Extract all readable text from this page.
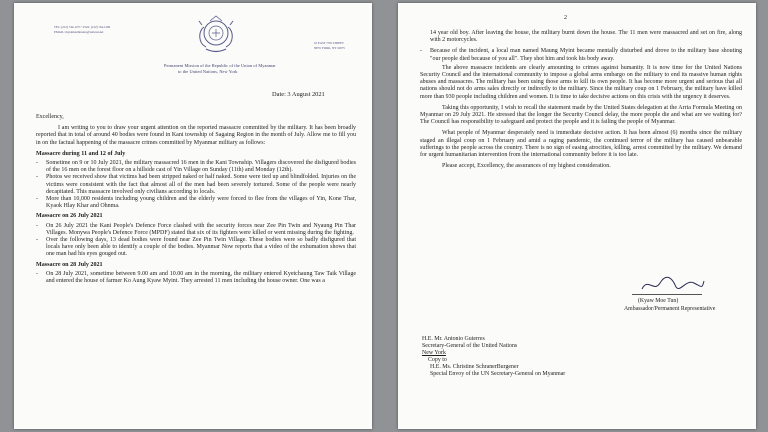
TEL: (212) 744-1271 • FAX: (212) 744-1290
EMAIL: myanmarmission@verizon.net
10 EAST 77th STREET
NEW YORK, NY 10075
Permanent Mission of the Republic of the Union of Myanmar
to the United Nations, New York
Date: 3 August 2021

Excellency,

I am writing to you to draw your urgent attention on the reported massacre committed by the military. It has been broadly reported that in total of around 40 bodies were found in Kani township of Sagaing Region in the month of July. Allow me to fill you in on the factual happening of the massacre crimes committed by Myanmar military as follows:

Massacre during 11 and 12 of July
- Sometime on 9 or 10 July 2021, the military massacred 16 men in the Kani Township. Villagers discovered the disfigured bodies of the 16 men on the forest floor on a hillside cast of Yin Village on Sunday (11th) and Monday (12th).
- Photos we received show that victims had been stripped naked or half naked. Some were tied up and blindfolded. Injuries on the victims were consistent with the fact that almost all of the men had been severely tortured. Some of the people were nearly decapitated. This massacre involved only civilians according to locals.
- More than 10,000 residents including young children and the elderly were forced to flee from the villages of Yin, Kone Thar, Kyaok Hlay Khar and Ohnma.
Massacre on 26 July 2021
- On 26 July 2021 the Kani People's Defence Force clashed with the security forces near Zee Pin Twin and Nyaung Pin Thar Villages. Monywa People's Defence Force (MPDF) stated that six of its fighters were killed or went missing during the fighting.
- Over the following days, 13 dead bodies were found near Zee Pin Twin Village. These bodies were so badly disfigured that locals have only been able to identify a couple of the bodies. Myanmar Now reports that a video of the exhumation shows that one man had his eyes gouged out.
Massacre on 28 July 2021
- On 28 July 2021, sometime between 9.00 am and 10.00 am in the morning, the military entered Kyetchaung Taw Taik Village and entered the house of farmer Ko Aung Kyaw Myint. They arrested 11 men including the house owner. One was a
2

14 year old boy. After leaving the house, the military burnt down the house. The 11 men were massacred and set on fire, along with 2 motorcycles.

- Because of the incident, a local man named Maung Myint became mentally disturbed and drove to the military base shouting "our people died because of you all". They shot him and took his body away.

The above massacre incidents are clearly amounting to crimes against humanity. It is now time for the United Nations Security Council and the international community to impose a global arms embargo on the military to end its massive human rights abuses and massacres. The military has been using those arms to kill its own people. It has become more urgent and serious that all nations should not do arms sales directly or indirectly to the military. Since the military coup on 1 February, the military have killed more than 930 people including children and women. It is time to take decisive actions on this crisis with the urgency it deserves.

Taking this opportunity, I wish to recall the statement made by the United States delegation at the Arria Formula Meeting on Myanmar on 29 July 2021. He stressed that the longer the Security Council delay, the more people die and what are we waiting for? The Council has responsibility to safeguard and protect the people and it is failing the people of Myanmar.

What people of Myanmar desperately need is immediate decisive action. It has been almost (6) months since the military staged an illegal coup on 1 February and amid a raging pandemic, the continued terror of the military has caused unbearable sufferings to the people across the country. There is no sign of easing atrocities, killing, arrest committed by the military. We demand for urgent humanitarian intervention from the international community before it is too late.

Please accept, Excellency, the assurances of my highest consideration.

(Kyaw Moe Tun)
Ambassador/Permanent Representative
H.E. Mr. Antonio Guterres
Secretary-General of the United Nations
New York
Copy to
H.E. Ms. Christine SchranerBurgener
Special Envoy of the UN Secretary-General on Myanmar
